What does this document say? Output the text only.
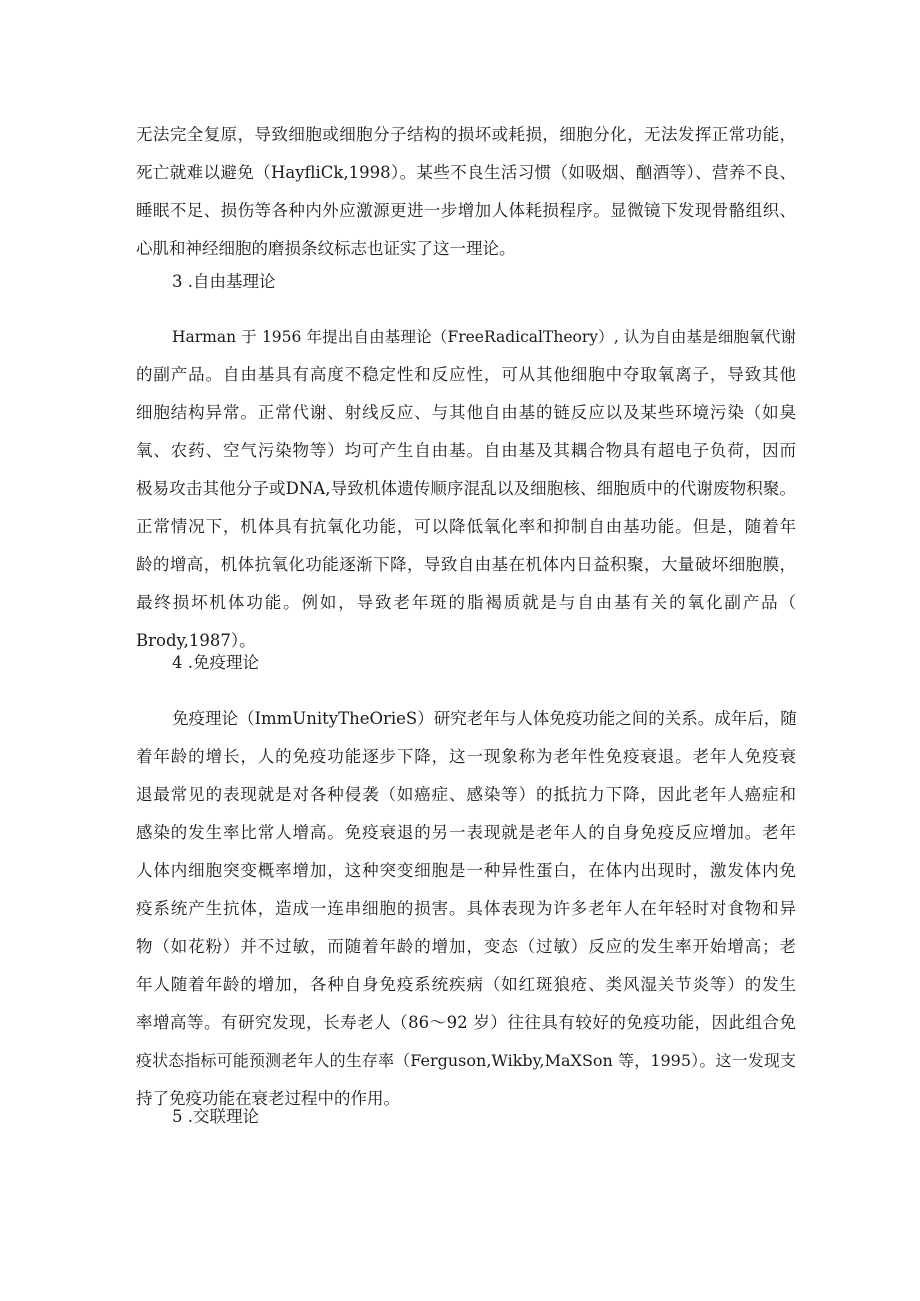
无法完全复原，导致细胞或细胞分子结构的损坏或耗损，细胞分化，无法发挥正常功能，
死亡就难以避免（HayfliCk,1998）。某些不良生活习惯（如吸烟、酗酒等）、营养不良、
睡眠不足、损伤等各种内外应激源更进一步增加人体耗损程序。显微镜下发现骨骼组织、
心肌和神经细胞的磨损条纹标志也证实了这一理论。
3 .自由基理论
Harman 于 1956 年提出自由基理论（FreeRadicalTheory）, 认为自由基是细胞氧代谢
的副产品。自由基具有高度不稳定性和反应性，可从其他细胞中夺取氧离子，导致其他
细胞结构异常。正常代谢、射线反应、与其他自由基的链反应以及某些环境污染（如臭
氧、农药、空气污染物等）均可产生自由基。自由基及其耦合物具有超电子负荷，因而
极易攻击其他分子或DNA,导致机体遗传顺序混乱以及细胞核、细胞质中的代谢废物积聚。
正常情况下，机体具有抗氧化功能，可以降低氧化率和抑制自由基功能。但是，随着年
龄的增高，机体抗氧化功能逐渐下降，导致自由基在机体内日益积聚，大量破坏细胞膜，
最终损坏机体功能。例如，导致老年斑的脂褐质就是与自由基有关的氧化副产品（
Brody,1987）。
4 .免疫理论
免疫理论（ImmUnityTheOrieS）研究老年与人体免疫功能之间的关系。成年后，随
着年龄的增长，人的免疫功能逐步下降，这一现象称为老年性免疫衰退。老年人免疫衰
退最常见的表现就是对各种侵袭（如癌症、感染等）的抵抗力下降，因此老年人癌症和
感染的发生率比常人增高。免疫衰退的另一表现就是老年人的自身免疫反应增加。老年
人体内细胞突变概率增加，这种突变细胞是一种异性蛋白，在体内出现时，激发体内免
疫系统产生抗体，造成一连串细胞的损害。具体表现为许多老年人在年轻时对食物和异
物（如花粉）并不过敏，而随着年龄的增加，变态（过敏）反应的发生率开始增高；老
年人随着年龄的增加，各种自身免疫系统疾病（如红斑狼疮、类风湿关节炎等）的发生
率增高等。有研究发现，长寿老人（86～92 岁）往往具有较好的免疫功能，因此组合免
疫状态指标可能预测老年人的生存率（Ferguson,Wikby,MaXSon 等，1995）。这一发现支
持了免疫功能在衰老过程中的作用。
5 .交联理论
